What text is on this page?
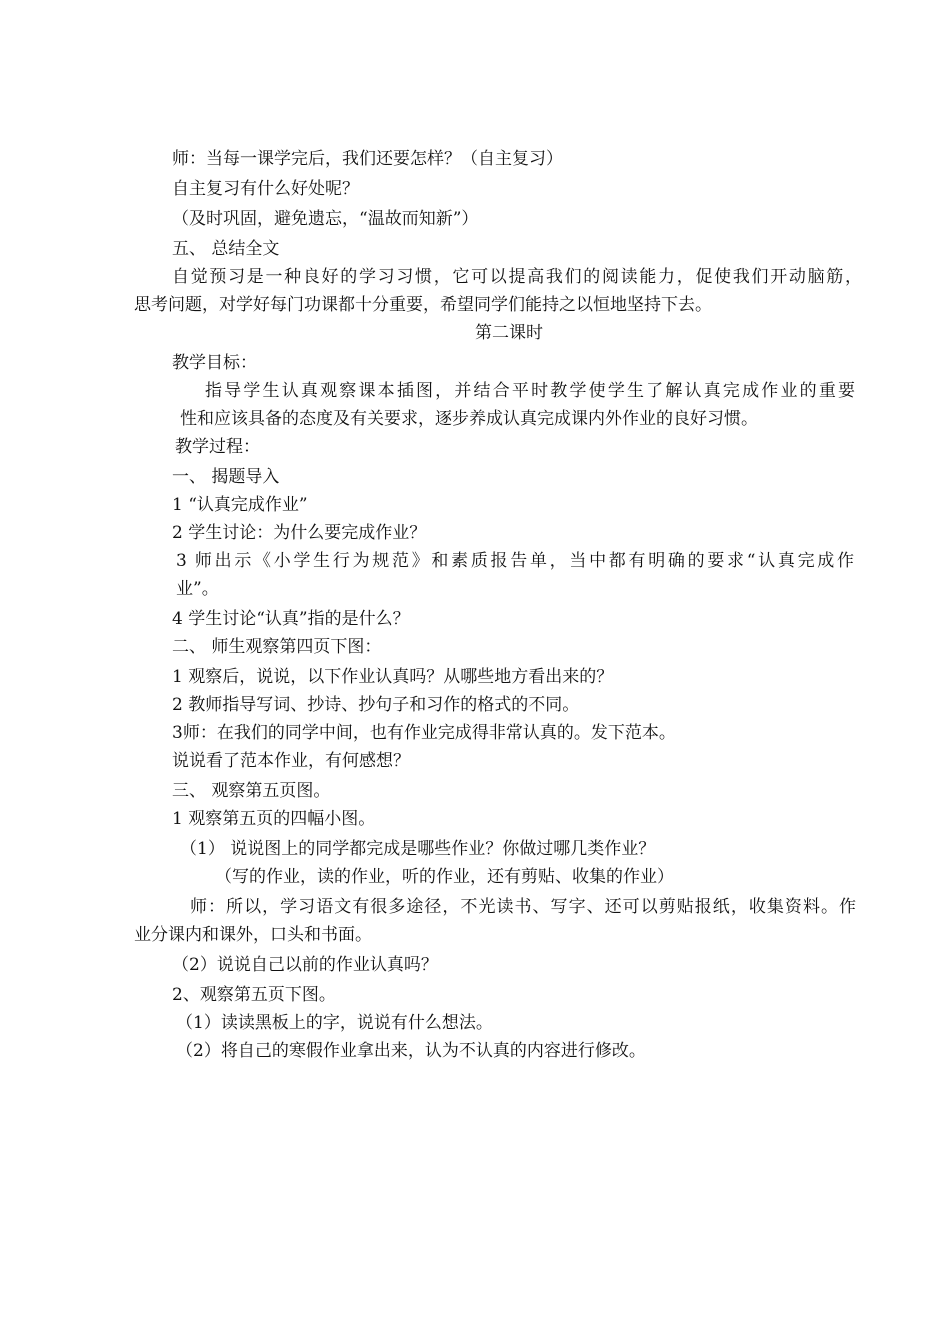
师：当每一课学完后，我们还要怎样？（自主复习）
自主复习有什么好处呢？
（及时巩固，避免遗忘，“温故而知新”）
五、 总结全文
自觉预习是一种良好的学习习惯，它可以提高我们的阅读能力，促使我们开动脑筋，
思考问题，对学好每门功课都十分重要，希望同学们能持之以恒地坚持下去。
第二课时
教学目标：
指导学生认真观察课本插图，并结合平时教学使学生了解认真完成作业的重要
性和应该具备的态度及有关要求，逐步养成认真完成课内外作业的良好习惯。
教学过程：
一、 揭题导入
1 “认真完成作业”
2 学生讨论：为什么要完成作业？
3 师出示《小学生行为规范》和素质报告单，当中都有明确的要求“认真完成作
业”。
4 学生讨论“认真”指的是什么？
二、 师生观察第四页下图：
1 观察后，说说，以下作业认真吗？从哪些地方看出来的？
2 教师指导写词、抄诗、抄句子和习作的格式的不同。
3师：在我们的同学中间，也有作业完成得非常认真的。发下范本。
说说看了范本作业，有何感想？
三、 观察第五页图。
1 观察第五页的四幅小图。
（1） 说说图上的同学都完成是哪些作业？你做过哪几类作业？
（写的作业，读的作业，听的作业，还有剪贴、收集的作业）
师：所以，学习语文有很多途径，不光读书、写字、还可以剪贴报纸，收集资料。作
业分课内和课外，口头和书面。
（2）说说自己以前的作业认真吗？
2、观察第五页下图。
（1）读读黑板上的字，说说有什么想法。
（2）将自己的寒假作业拿出来，认为不认真的内容进行修改。
